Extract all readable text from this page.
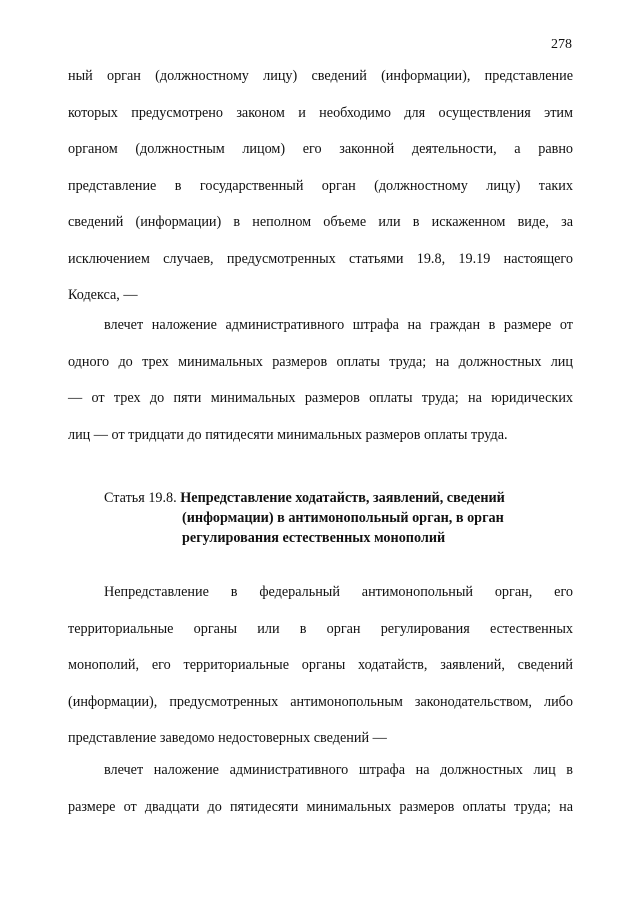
278
ный орган (должностному лицу) сведений (информации), представление
которых предусмотрено законом и необходимо для осуществления этим
органом (должностным лицом) его законной деятельности, а равно
представление в государственный орган (должностному лицу) таких
сведений (информации) в неполном объеме или в искаженном виде, за
исключением случаев, предусмотренных статьями 19.8, 19.19 настоящего
Кодекса, —
влечет наложение административного штрафа на граждан в размере от
одного до трех минимальных размеров оплаты труда; на должностных лиц
— от трех до пяти минимальных размеров оплаты труда; на юридических
лиц — от тридцати до пятидесяти минимальных размеров оплаты труда.
Статья 19.8. Непредставление ходатайств, заявлений, сведений
(информации) в антимонопольный орган, в орган
регулирования естественных монополий
Непредставление в федеральный антимонопольный орган, его
территориальные органы или в орган регулирования естественных
монополий, его территориальные органы ходатайств, заявлений, сведений
(информации), предусмотренных антимонопольным законодательством, либо
представление заведомо недостоверных сведений —
влечет наложение административного штрафа на должностных лиц в
размере от двадцати до пятидесяти минимальных размеров оплаты труда; на
